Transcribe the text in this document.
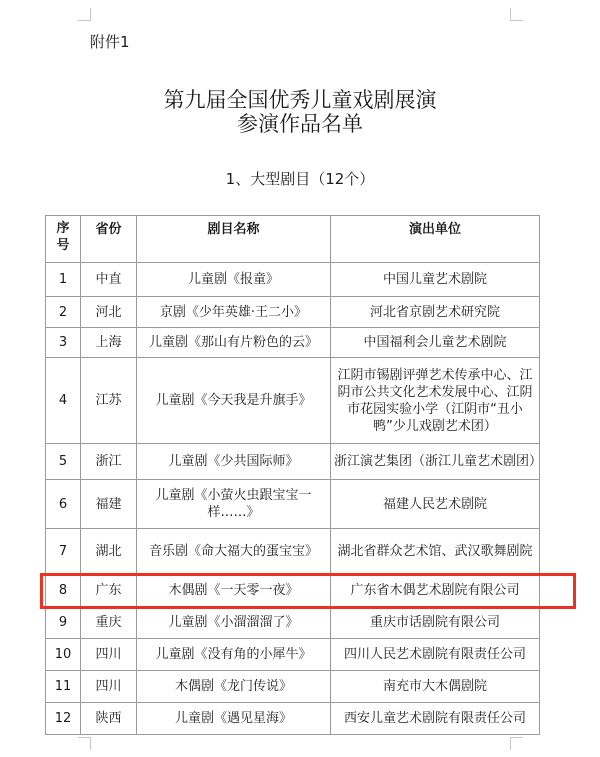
附件1
第九届全国优秀儿童戏剧展演
参演作品名单
1、大型剧目（12个）
序号	省份	剧目名称	演出单位
1	中直	儿童剧《报童》	中国儿童艺术剧院
2	河北	京剧《少年英雄·王二小》	河北省京剧艺术研究院
3	上海	儿童剧《那山有片粉色的云》	中国福利会儿童艺术剧院
4	江苏	儿童剧《今天我是升旗手》	江阴市锡剧评弹艺术传承中心、江阴市公共文化艺术发展中心、江阴市花园实验小学（江阴市“丑小鸭”少儿戏剧艺术团）
5	浙江	儿童剧《少共国际师》	浙江演艺集团（浙江儿童艺术剧团）
6	福建	儿童剧《小萤火虫跟宝宝一样……》	福建人民艺术剧院
7	湖北	音乐剧《命大福大的蛋宝宝》	湖北省群众艺术馆、武汉歌舞剧院
8	广东	木偶剧《一天零一夜》	广东省木偶艺术剧院有限公司
9	重庆	儿童剧《小溜溜溜了》	重庆市话剧院有限公司
10	四川	儿童剧《没有角的小犀牛》	四川人民艺术剧院有限责任公司
11	四川	木偶剧《龙门传说》	南充市大木偶剧院
12	陕西	儿童剧《遇见星海》	西安儿童艺术剧院有限责任公司
